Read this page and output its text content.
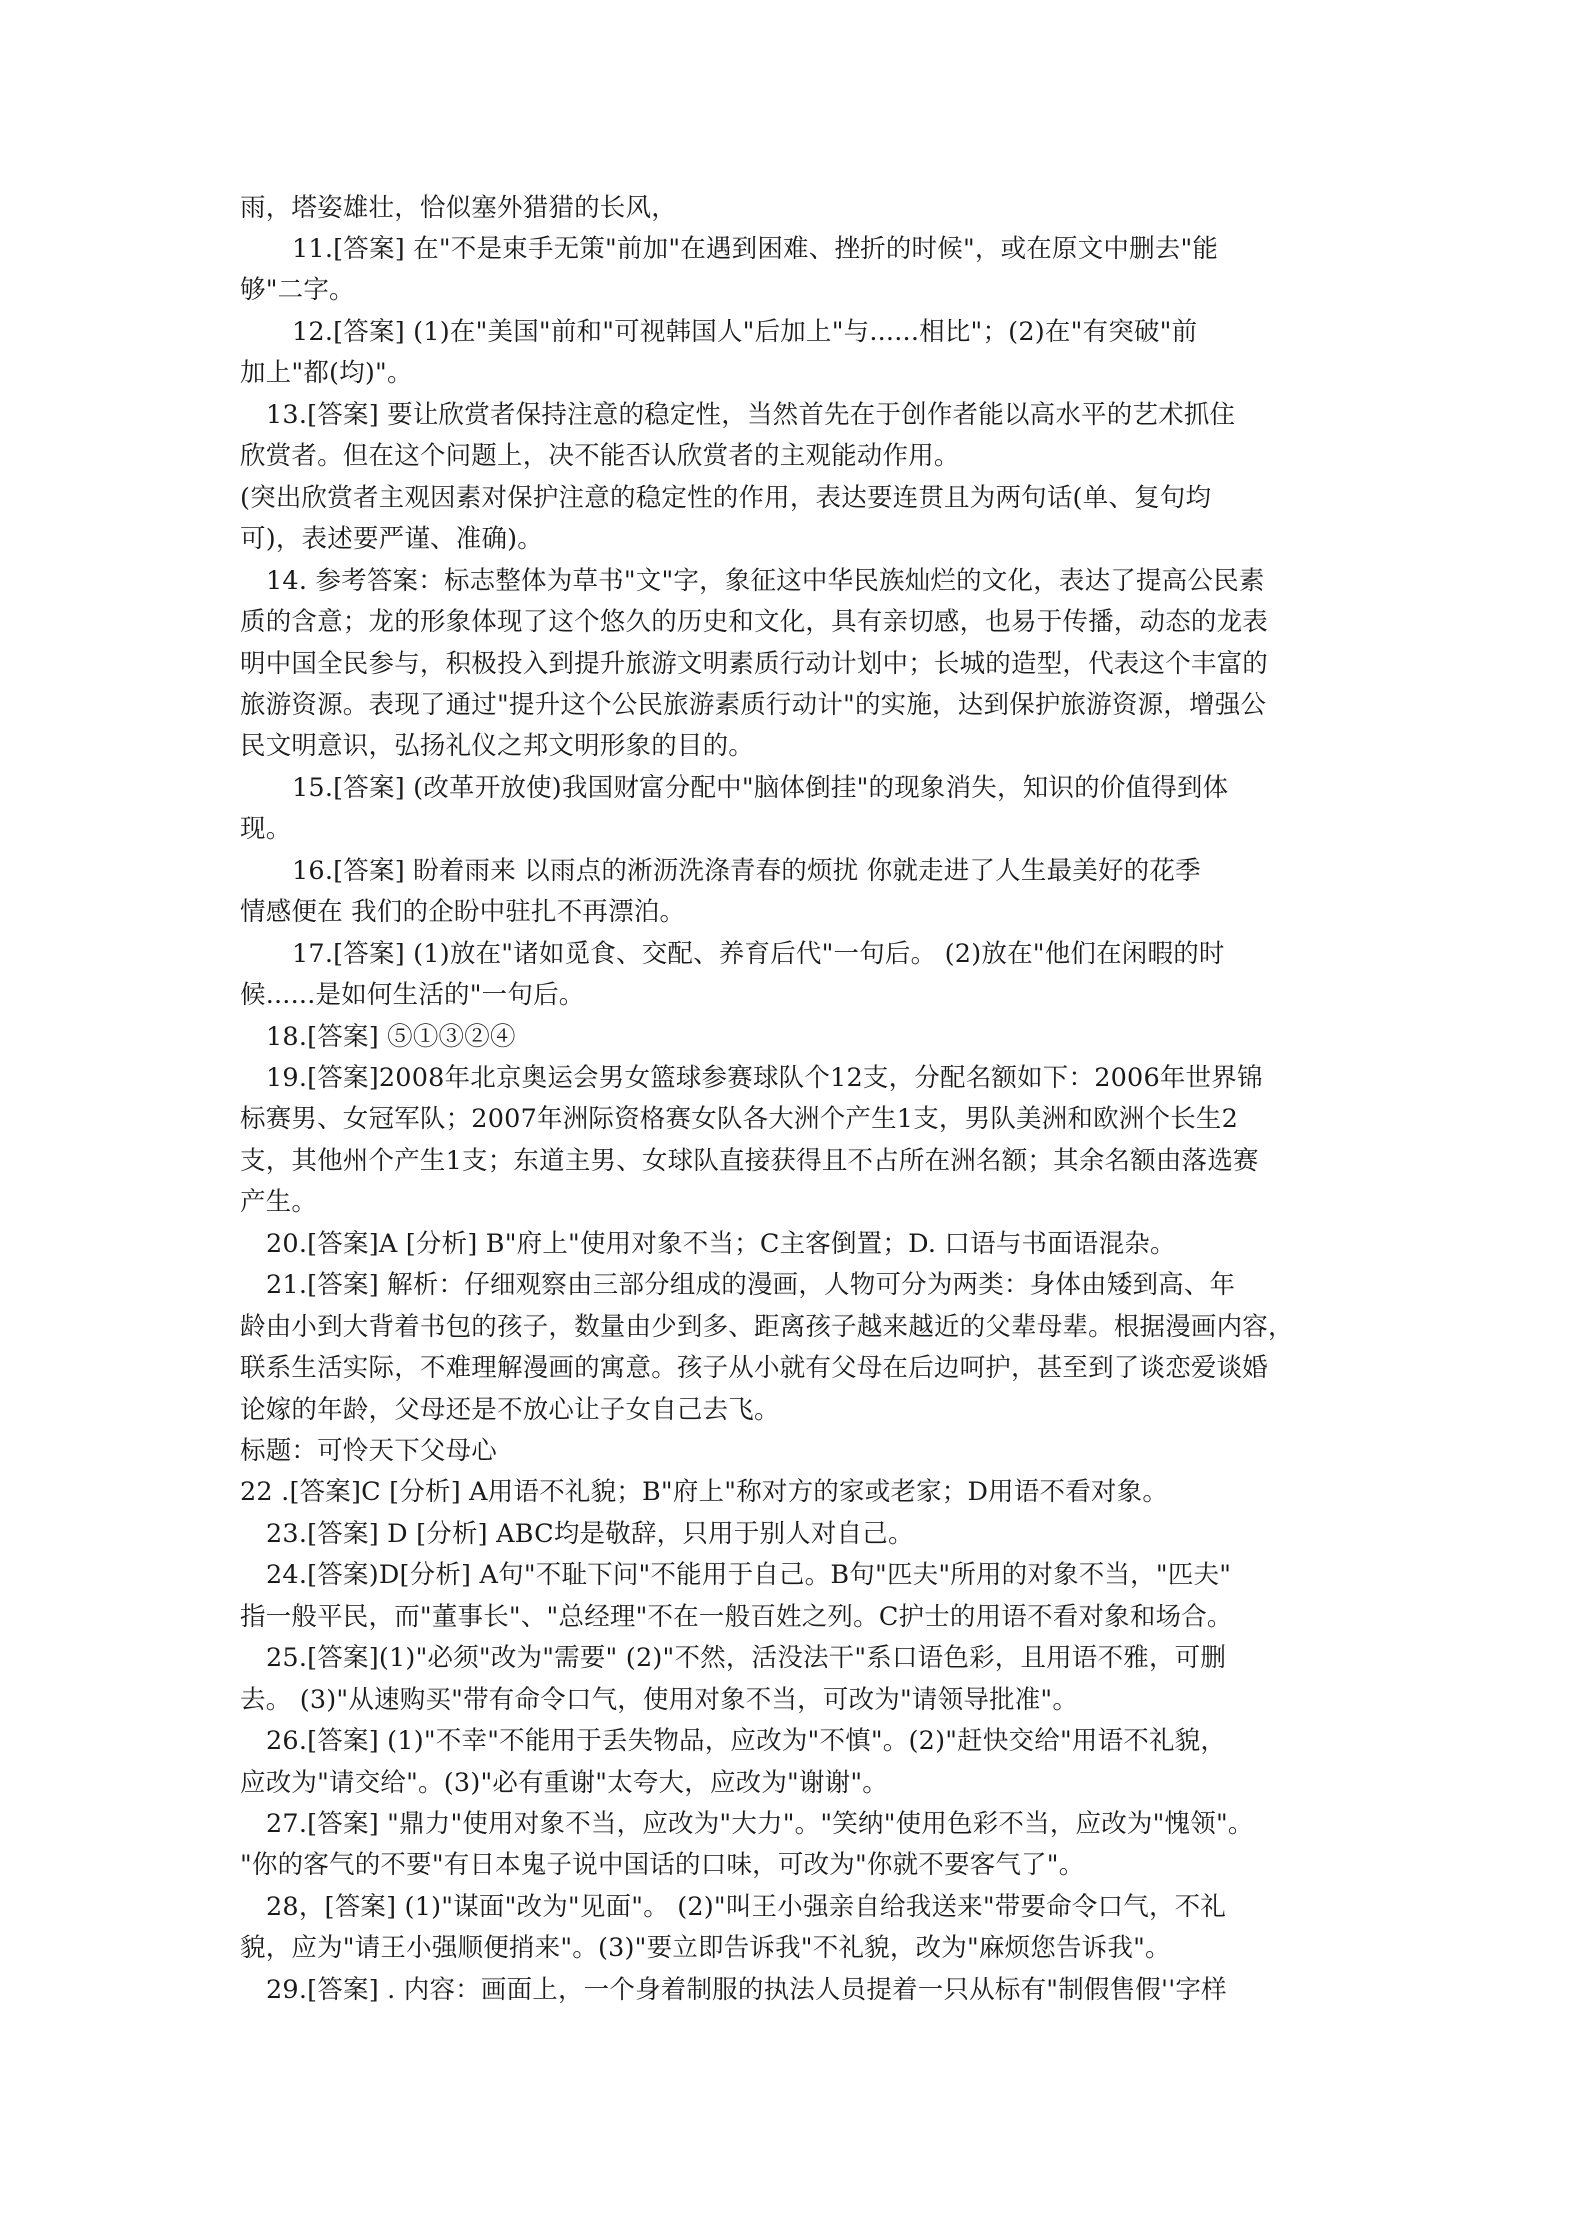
雨，塔姿雄壮，恰似塞外猎猎的长风，

11.[答案] 在"不是束手无策"前加"在遇到困难、挫折的时候"，或在原文中删去"能

够"二字。

12.[答案] (1)在"美国"前和"可视韩国人"后加上"与......相比"；(2)在"有突破"前

加上"都(均)"。

13.[答案] 要让欣赏者保持注意的稳定性，当然首先在于创作者能以高水平的艺术抓住

欣赏者。但在这个问题上，决不能否认欣赏者的主观能动作用。

(突出欣赏者主观因素对保护注意的稳定性的作用，表达要连贯且为两句话(单、复句均

可)，表述要严谨、准确)。

14. 参考答案：标志整体为草书"文"字，象征这中华民族灿烂的文化，表达了提高公民素

质的含意；龙的形象体现了这个悠久的历史和文化，具有亲切感，也易于传播，动态的龙表

明中国全民参与，积极投入到提升旅游文明素质行动计划中；长城的造型，代表这个丰富的

旅游资源。表现了通过"提升这个公民旅游素质行动计"的实施，达到保护旅游资源，增强公

民文明意识，弘扬礼仪之邦文明形象的目的。

15.[答案] (改革开放使)我国财富分配中"脑体倒挂"的现象消失，知识的价值得到体

现。

16.[答案] 盼着雨来 以雨点的淅沥洗涤青春的烦扰 你就走进了人生最美好的花季

情感便在 我们的企盼中驻扎不再漂泊。

17.[答案] (1)放在"诸如觅食、交配、养育后代"一句后。 (2)放在"他们在闲暇的时

候......是如何生活的"一句后。

18.[答案] ⑤①③②④

19.[答案]2008年北京奥运会男女篮球参赛球队个12支，分配名额如下：2006年世界锦

标赛男、女冠军队；2007年洲际资格赛女队各大洲个产生1支，男队美洲和欧洲个长生2

支，其他州个产生1支；东道主男、女球队直接获得且不占所在洲名额；其余名额由落选赛

产生。

20.[答案]A [分析] B"府上"使用对象不当；C主客倒置；D. 口语与书面语混杂。

21.[答案] 解析：仔细观察由三部分组成的漫画，人物可分为两类：身体由矮到高、年

龄由小到大背着书包的孩子，数量由少到多、距离孩子越来越近的父辈母辈。根据漫画内容，

联系生活实际，不难理解漫画的寓意。孩子从小就有父母在后边呵护，甚至到了谈恋爱谈婚

论嫁的年龄，父母还是不放心让子女自己去飞。

标题：可怜天下父母心

22 .[答案]C [分析] A用语不礼貌；B"府上"称对方的家或老家；D用语不看对象。

23.[答案] D [分析] ABC均是敬辞，只用于别人对自己。

24.[答案)D[分析] A句"不耻下问"不能用于自己。B句"匹夫"所用的对象不当，"匹夫"

指一般平民，而"董事长"、"总经理"不在一般百姓之列。C护士的用语不看对象和场合。

25.[答案](1)"必须"改为"需要" (2)"不然，活没法干"系口语色彩，且用语不雅，可删

去。 (3)"从速购买"带有命令口气，使用对象不当，可改为"请领导批准"。

26.[答案] (1)"不幸"不能用于丢失物品，应改为"不慎"。(2)"赶快交给"用语不礼貌，

应改为"请交给"。(3)"必有重谢"太夸大，应改为"谢谢"。

27.[答案] "鼎力"使用对象不当，应改为"大力"。"笑纳"使用色彩不当，应改为"愧领"。

"你的客气的不要"有日本鬼子说中国话的口味，可改为"你就不要客气了"。

28，[答案] (1)"谋面"改为"见面"。 (2)"叫王小强亲自给我送来"带要命令口气，不礼

貌，应为"请王小强顺便捎来"。(3)"要立即告诉我"不礼貌，改为"麻烦您告诉我"。

29.[答案] . 内容：画面上，一个身着制服的执法人员提着一只从标有"制假售假''字样
